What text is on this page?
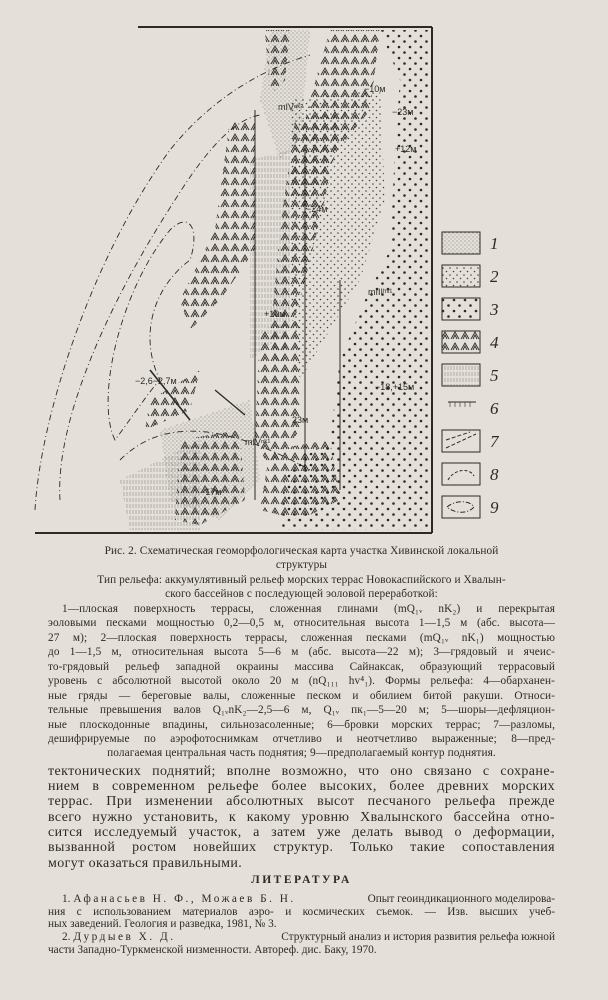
mIVⁿᵏ²
−10м
−23м
+12м
−24м
mIIIʰᵛ¹
+10м
−18,+15м
−2,6−2,7м
23м
mIVⁿᵏ¹
−17м
1
2
3
4
5
6
7
8
9
Рис. 2. Схематическая геоморфологическая карта участка Хивинской локальной
структуры
Тип рельефа: аккумулятивный рельеф морских террас Новокаспийского и Хвалын-
ского бассейнов с последующей эоловой переработкой:
1—плоская поверхность террасы, сложенная глинами (mQ₁ᵥ nK₂) и перекрытая
эоловыми песками мощностью 0,2—0,5 м, относительная высота 1—1,5 м (абс. высота—
27 м); 2—плоская поверхность террасы, сложенная песками (mQ₁ᵥ nK₁) мощностью
до 1—1,5 м, относительная высота 5—6 м (абс. высота—22 м); 3—грядовый и ячеис-
то-грядовый рельеф западной окраины массива Сайнаксак, образующий террасовый
уровень с абсолютной высотой около 20 м (nQ₁₁₁ hv⁴₁). Формы рельефа: 4—обарханен-
ные гряды — береговые валы, сложенные песком и обилием битой ракуши. Относи-
тельные превышения валов Q₁ᵥnK₂—2,5—6 м, Q₁ᵥ пк₁—5—20 м; 5—шоры—дефляцион-
ные плоскодонные впадины, сильнозасоленные; 6—бровки морских террас; 7—разломы,
дешифрируемые по аэрофотоснимкам отчетливо и неотчетливо выраженные; 8—пред-
полагаемая центральная часть поднятия; 9—предполагаемый контур поднятия.
тектонических поднятий; вполне возможно, что оно связано с сохране-
нием в современном рельефе более высоких, более древних морских
террас. При изменении абсолютных высот песчаного рельефа прежде
всего нужно установить, к какому уровню Хвалынского бассейна отно-
сится исследуемый участок, а затем уже делать вывод о деформации,
вызванной ростом новейших структур. Только такие сопоставления
могут оказаться правильными.
ЛИТЕРАТУРА
1. Афанасьев Н. Ф., Можаев Б. Н.	Опыт геоиндикационного моделирова-
ния с использованием материалов аэро- и космических съемок. — Изв. высших учеб-
ных заведений. Геология и разведка, 1981, № 3.
2. Дурдыев Х. Д.	Структурный анализ и история развития рельефа южной
части Западно-Туркменской низменности. Автореф. дис. Баку, 1970.
